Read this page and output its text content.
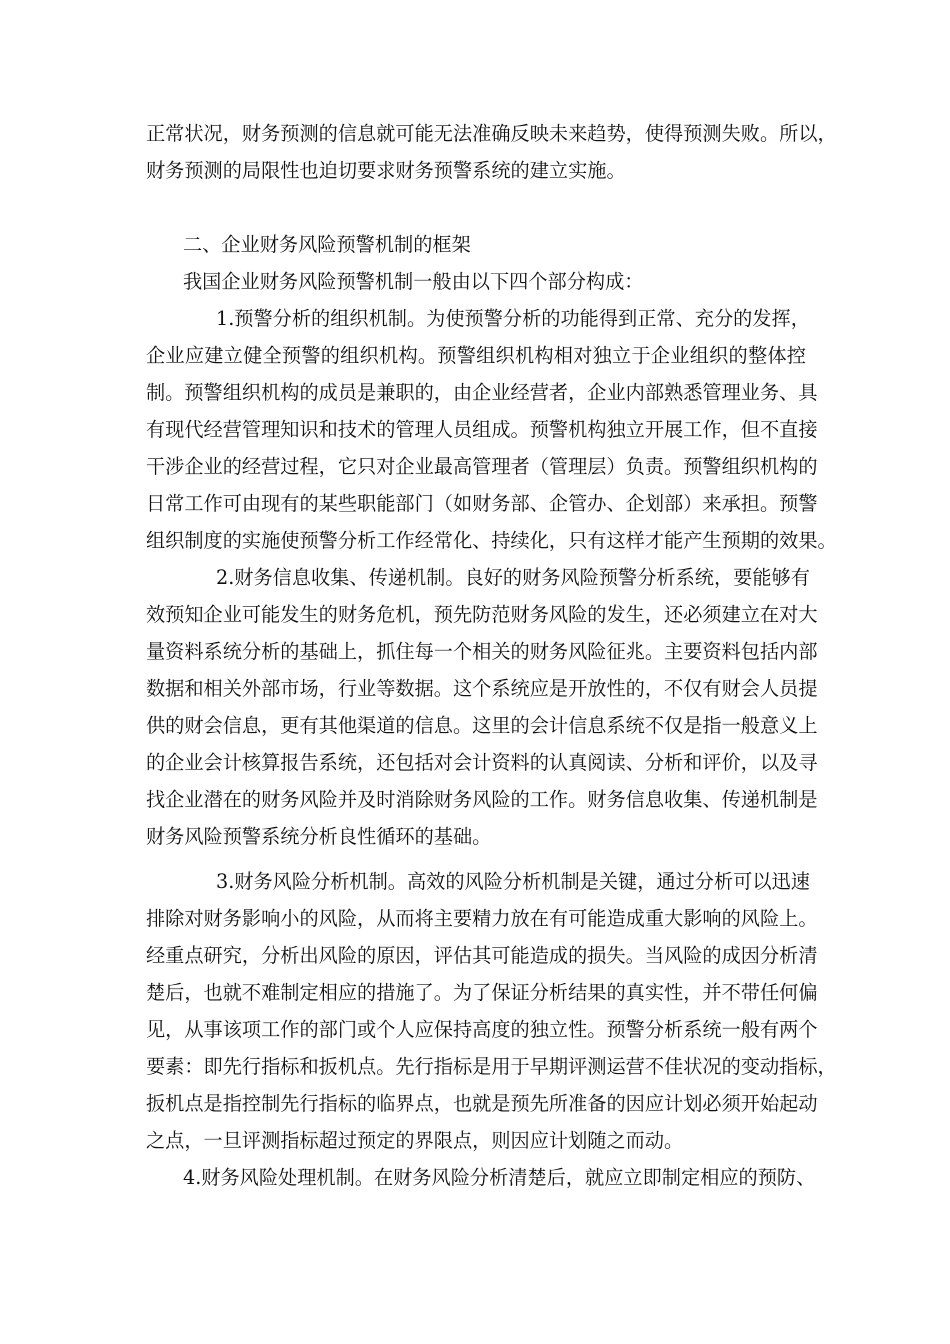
正常状况，财务预测的信息就可能无法准确反映未来趋势，使得预测失败。所以，
财务预测的局限性也迫切要求财务预警系统的建立实施。
二、企业财务风险预警机制的框架
我国企业财务风险预警机制一般由以下四个部分构成：
1.预警分析的组织机制。为使预警分析的功能得到正常、充分的发挥，
企业应建立健全预警的组织机构。预警组织机构相对独立于企业组织的整体控
制。预警组织机构的成员是兼职的，由企业经营者，企业内部熟悉管理业务、具
有现代经营管理知识和技术的管理人员组成。预警机构独立开展工作，但不直接
干涉企业的经营过程，它只对企业最高管理者（管理层）负责。预警组织机构的
日常工作可由现有的某些职能部门（如财务部、企管办、企划部）来承担。预警
组织制度的实施使预警分析工作经常化、持续化，只有这样才能产生预期的效果。
2.财务信息收集、传递机制。良好的财务风险预警分析系统，要能够有
效预知企业可能发生的财务危机，预先防范财务风险的发生，还必须建立在对大
量资料系统分析的基础上，抓住每一个相关的财务风险征兆。主要资料包括内部
数据和相关外部市场，行业等数据。这个系统应是开放性的，不仅有财会人员提
供的财会信息，更有其他渠道的信息。这里的会计信息系统不仅是指一般意义上
的企业会计核算报告系统，还包括对会计资料的认真阅读、分析和评价，以及寻
找企业潜在的财务风险并及时消除财务风险的工作。财务信息收集、传递机制是
财务风险预警系统分析良性循环的基础。
3.财务风险分析机制。高效的风险分析机制是关键，通过分析可以迅速
排除对财务影响小的风险，从而将主要精力放在有可能造成重大影响的风险上。
经重点研究，分析出风险的原因，评估其可能造成的损失。当风险的成因分析清
楚后，也就不难制定相应的措施了。为了保证分析结果的真实性，并不带任何偏
见，从事该项工作的部门或个人应保持高度的独立性。预警分析系统一般有两个
要素：即先行指标和扳机点。先行指标是用于早期评测运营不佳状况的变动指标，
扳机点是指控制先行指标的临界点，也就是预先所准备的因应计划必须开始起动
之点，一旦评测指标超过预定的界限点，则因应计划随之而动。
4.财务风险处理机制。在财务风险分析清楚后，就应立即制定相应的预防、
